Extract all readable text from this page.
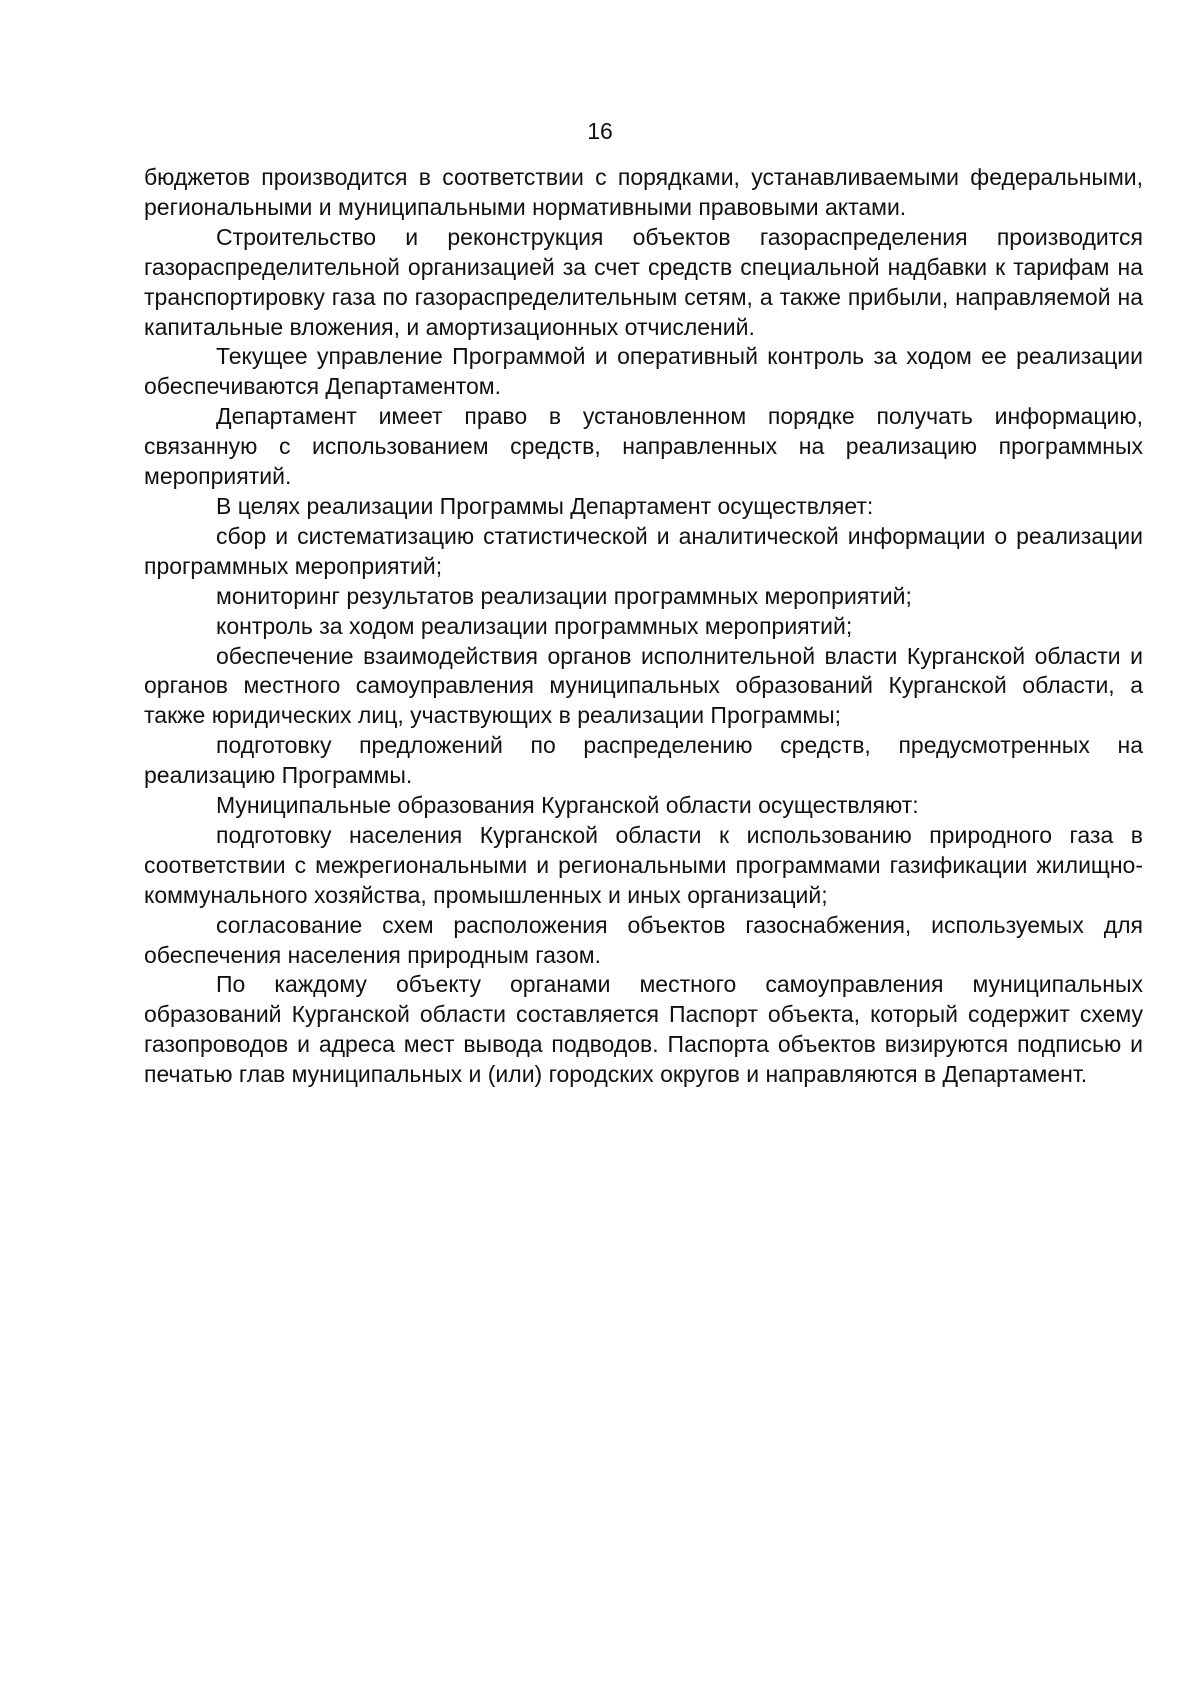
16

бюджетов производится в соответствии с порядками, устанавливаемыми федеральными, региональными и муниципальными нормативными правовыми актами.

Строительство и реконструкция объектов газораспределения производится газораспределительной организацией за счет средств специальной надбавки к тарифам на транспортировку газа по газораспределительным сетям, а также прибыли, направляемой на капитальные вложения, и амортизационных отчислений.

Текущее управление Программой и оперативный контроль за ходом ее реализации обеспечиваются Департаментом.

Департамент имеет право в установленном порядке получать информацию, связанную с использованием средств, направленных на реализацию программных мероприятий.

В целях реализации Программы Департамент осуществляет:

сбор и систематизацию статистической и аналитической информации о реализации программных мероприятий;

мониторинг результатов реализации программных мероприятий;

контроль за ходом реализации программных мероприятий;

обеспечение взаимодействия органов исполнительной власти Курганской области и органов местного самоуправления муниципальных образований Курганской области, а также юридических лиц, участвующих в реализации Программы;

подготовку предложений по распределению средств, предусмотренных на реализацию Программы.

Муниципальные образования Курганской области осуществляют:

подготовку населения Курганской области к использованию природного газа в соответствии с межрегиональными и региональными программами газификации жилищно-коммунального хозяйства, промышленных и иных организаций;

согласование схем расположения объектов газоснабжения, используемых для обеспечения населения природным газом.

По каждому объекту органами местного самоуправления муниципальных образований Курганской области составляется Паспорт объекта, который содержит схему газопроводов и адреса мест вывода подводов. Паспорта объектов визируются подписью и печатью глав муниципальных и (или) городских округов и направляются в Департамент.
